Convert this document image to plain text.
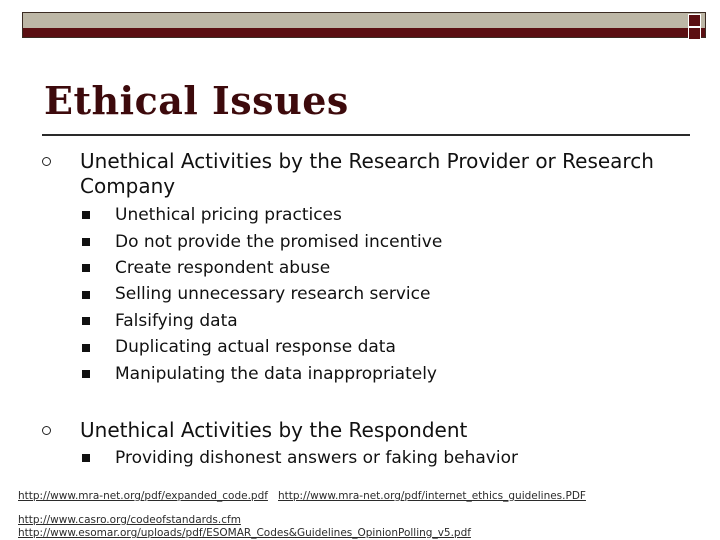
Ethical Issues
Unethical Activities by the Research Provider or Research Company
Unethical pricing practices
Do not provide the promised incentive
Create respondent abuse
Selling unnecessary research service
Falsifying data
Duplicating actual response data
Manipulating the data inappropriately
Unethical Activities by the Respondent
Providing dishonest answers or faking behavior
http://www.mra-net.org/pdf/expanded_code.pdf http://www.mra-net.org/pdf/internet_ethics_guidelines.PDF
http://www.casro.org/codeofstandards.cfm
http://www.esomar.org/uploads/pdf/ESOMAR_Codes&Guidelines_OpinionPolling_v5.pdf
